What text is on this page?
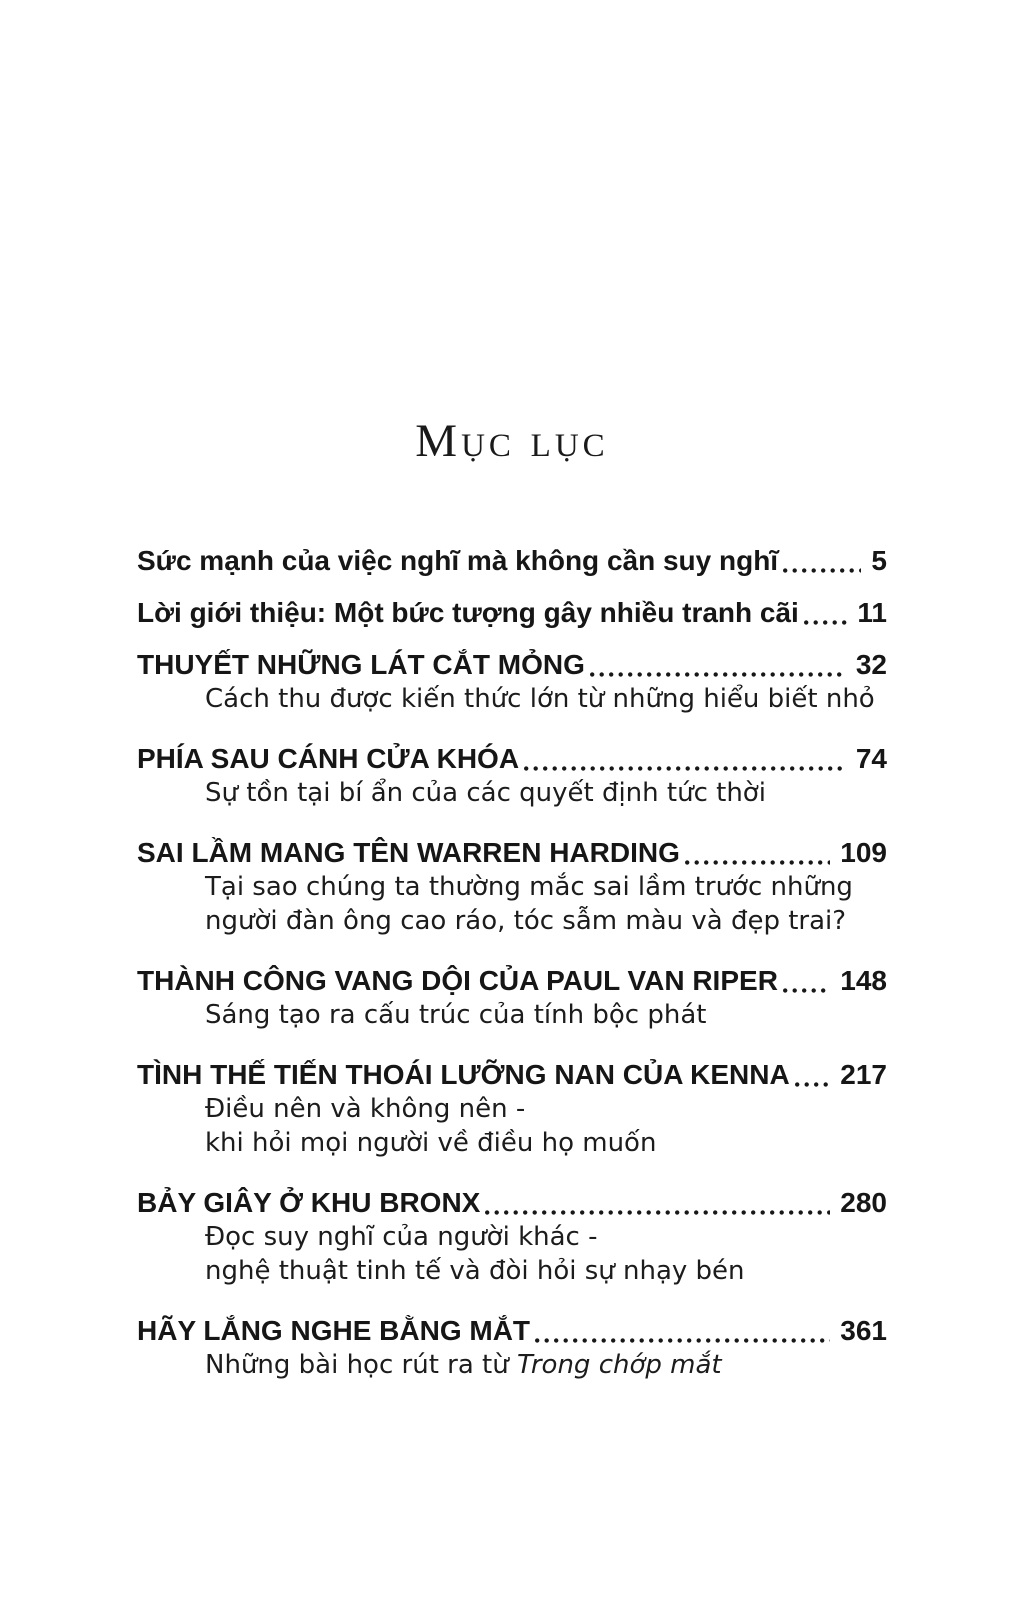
Mục lục
Sức mạnh của việc nghĩ mà không cần suy nghĩ	5
Lời giới thiệu: Một bức tượng gây nhiều tranh cãi 11
THUYẾT NHỮNG LÁT CẮT MỎNG	32
Cách thu được kiến thức lớn từ những hiểu biết nhỏ
PHÍA SAU CÁNH CỬA KHÓA	74
Sự tồn tại bí ẩn của các quyết định tức thời
SAI LẦM MANG TÊN WARREN HARDING	109
Tại sao chúng ta thường mắc sai lầm trước những
người đàn ông cao ráo, tóc sẫm màu và đẹp trai?
THÀNH CÔNG VANG DỘI CỦA PAUL VAN RIPER 148
Sáng tạo ra cấu trúc của tính bộc phát
TÌNH THẾ TIẾN THOÁI LƯỠNG NAN CỦA KENNA 217
Điều nên và không nên -
khi hỏi mọi người về điều họ muốn
BẢY GIÂY Ở KHU BRONX	280
Đọc suy nghĩ của người khác -
nghệ thuật tinh tế và đòi hỏi sự nhạy bén
HÃY LẮNG NGHE BẰNG MẮT	361
Những bài học rút ra từ Trong chớp mắt
